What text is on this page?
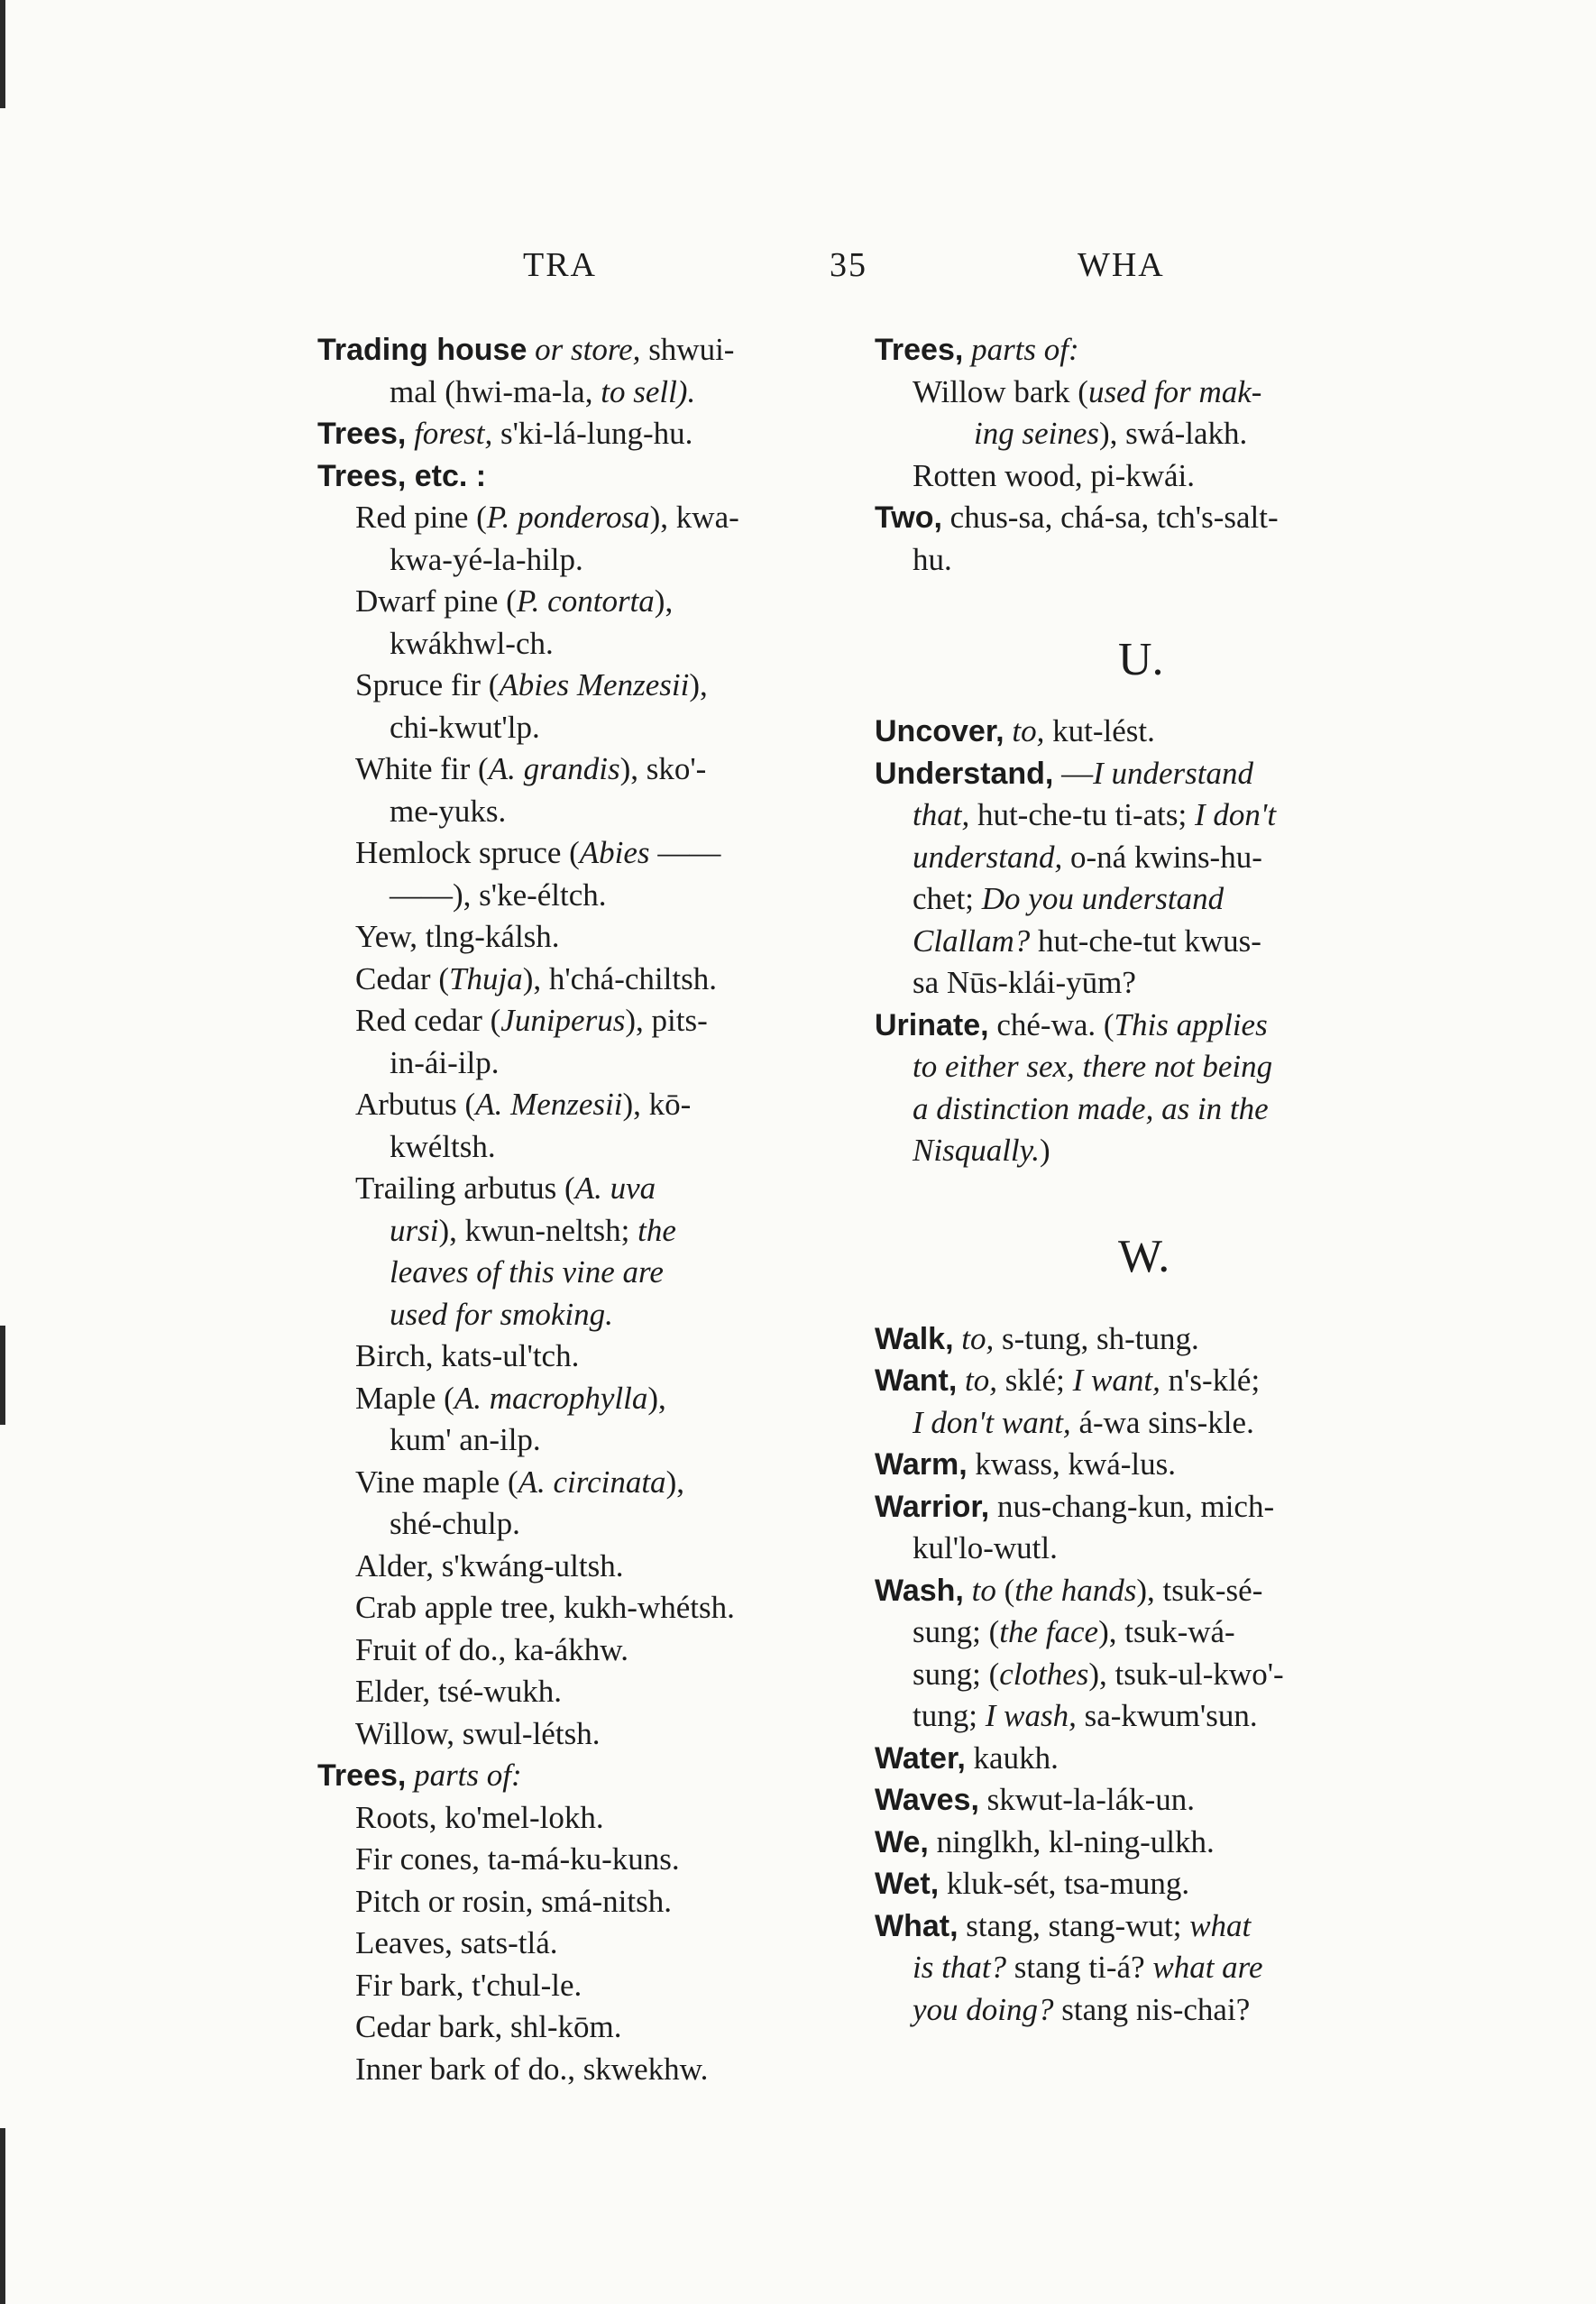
TRA	35	WHA
Trading house or store, shwui-
mal (hwi-ma-la, to sell).
Trees, forest, s'ki-lá-lung-hu.
Trees, etc. :
Red pine (P. ponderosa), kwa-
kwa-yé-la-hilp.
Dwarf pine (P. contorta),
kwákhwl-ch.
Spruce fir (Abies Menzesii),
chi-kwut'lp.
White fir (A. grandis), sko'-
me-yuks.
Hemlock spruce (Abies ——
——), s'ke-éltch.
Yew, tlng-kálsh.
Cedar (Thuja), h'chá-chiltsh.
Red cedar (Juniperus), pits-
in-ái-ilp.
Arbutus (A. Menzesii), kō-
kwéltsh.
Trailing arbutus (A. uva
ursi), kwun-neltsh; the
leaves of this vine are
used for smoking.
Birch, kats-ul'tch.
Maple (A. macrophylla),
kum' an-ilp.
Vine maple (A. circinata),
shé-chulp.
Alder, s'kwáng-ultsh.
Crab apple tree, kukh-whétsh.
Fruit of do., ka-ákhw.
Elder, tsé-wukh.
Willow, swul-létsh.
Trees, parts of:
Roots, ko'mel-lokh.
Fir cones, ta-má-ku-kuns.
Pitch or rosin, smá-nitsh.
Leaves, sats-tlá.
Fir bark, t'chul-le.
Cedar bark, shl-kōm.
Inner bark of do., skwekhw.
Trees, parts of:
Willow bark (used for mak-
ing seines), swá-lakh.
Rotten wood, pi-kwái.
Two, chus-sa, chá-sa, tch's-salt-
hu.
U.
Uncover, to, kut-lést.
Understand, —I understand
that, hut-che-tu ti-ats; I don't
understand, o-ná kwins-hu-
chet; Do you understand
Clallam? hut-che-tut kwus-
sa Nūs-klái-yūm?
Urinate, ché-wa. (This applies
to either sex, there not being
a distinction made, as in the
Nisqually.)
W.
Walk, to, s-tung, sh-tung.
Want, to, sklé; I want, n's-klé;
I don't want, á-wa sins-kle.
Warm, kwass, kwá-lus.
Warrior, nus-chang-kun, mich-
kul'lo-wutl.
Wash, to (the hands), tsuk-sé-
sung; (the face), tsuk-wá-
sung; (clothes), tsuk-ul-kwo'-
tung; I wash, sa-kwum'sun.
Water, kaukh.
Waves, skwut-la-lák-un.
We, ninglkh, kl-ning-ulkh.
Wet, kluk-sét, tsa-mung.
What, stang, stang-wut; what
is that? stang ti-á? what are
you doing? stang nis-chai?
